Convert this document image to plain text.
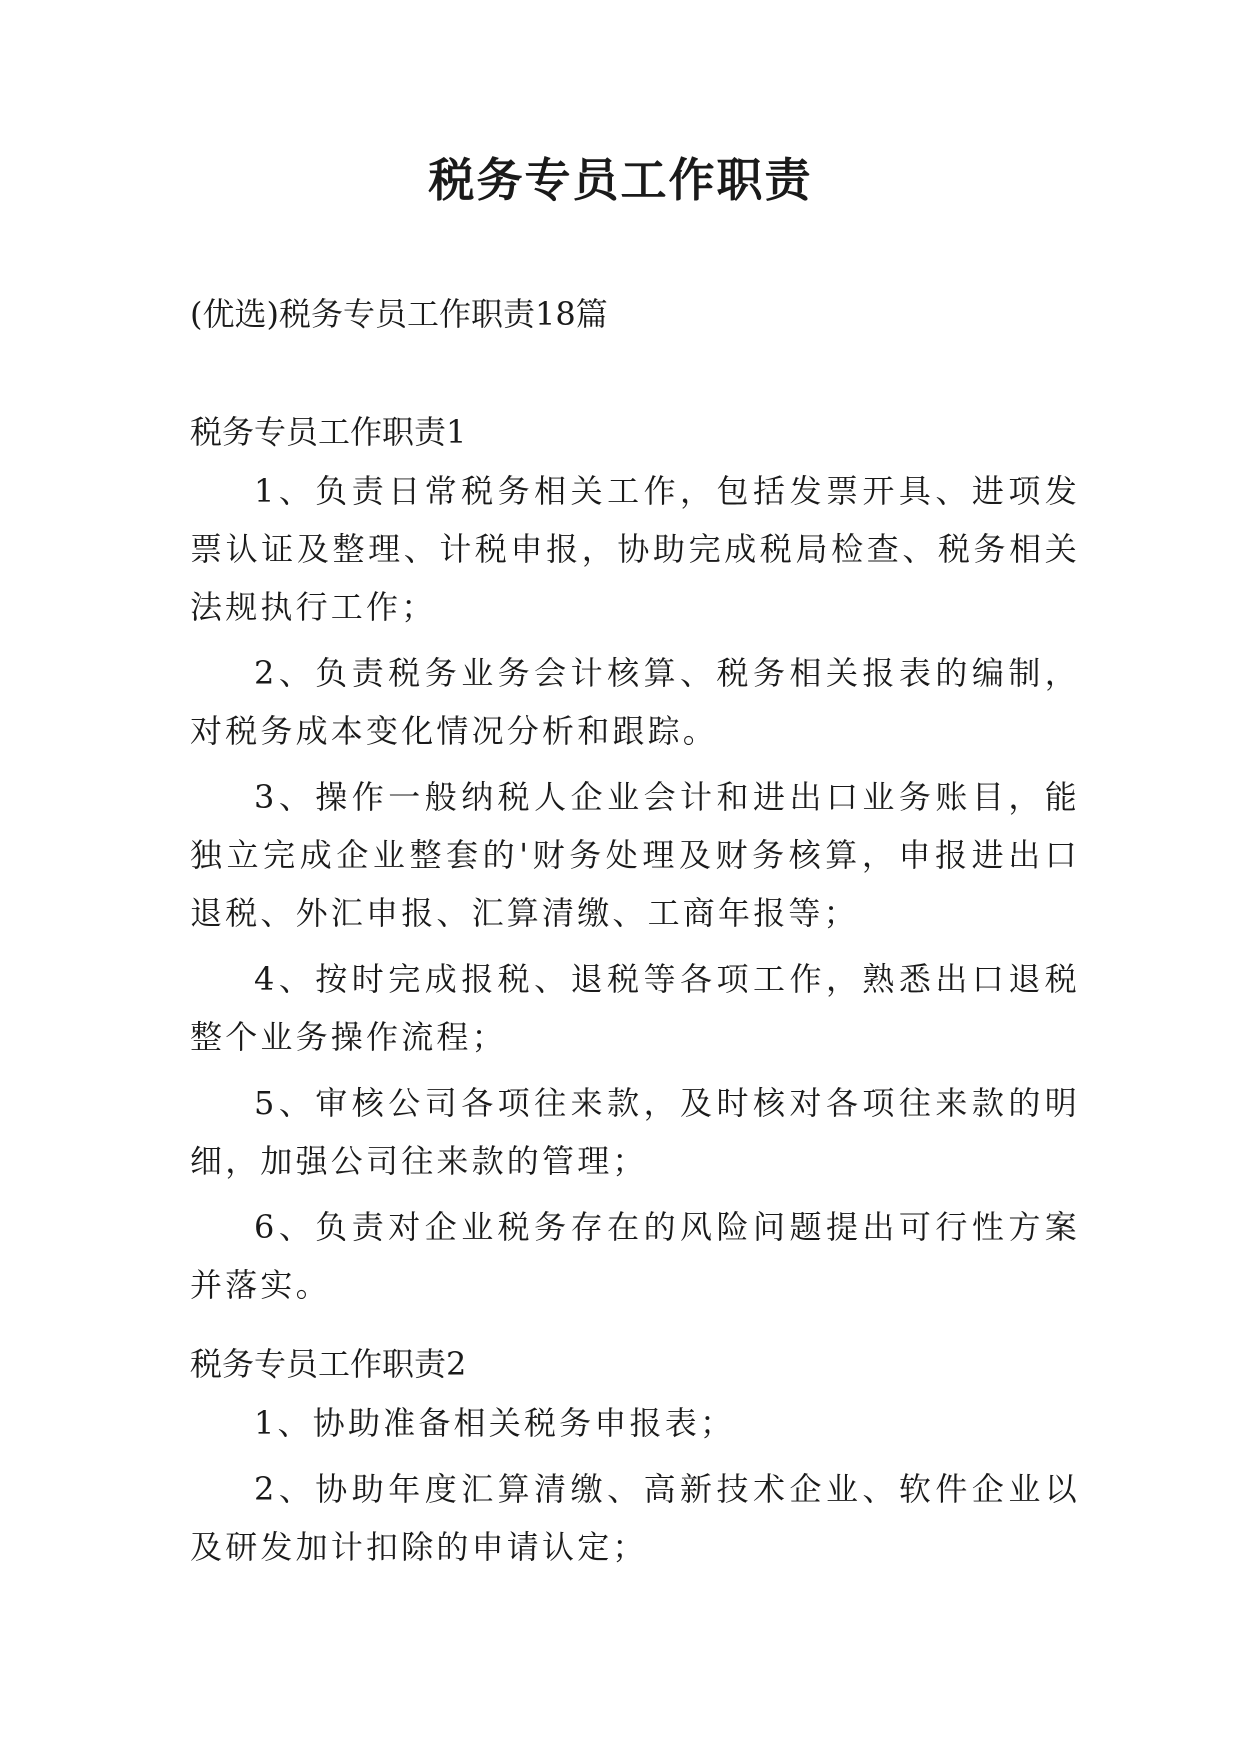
税务专员工作职责
(优选)税务专员工作职责18篇

税务专员工作职责1

1、负责日常税务相关工作，包括发票开具、进项发票认证及整理、计税申报，协助完成税局检查、税务相关法规执行工作；

2、负责税务业务会计核算、税务相关报表的编制，对税务成本变化情况分析和跟踪。

3、操作一般纳税人企业会计和进出口业务账目，能独立完成企业整套的'财务处理及财务核算，申报进出口退税、外汇申报、汇算清缴、工商年报等；

4、按时完成报税、退税等各项工作，熟悉出口退税整个业务操作流程；

5、审核公司各项往来款，及时核对各项往来款的明细，加强公司往来款的管理；

6、负责对企业税务存在的风险问题提出可行性方案并落实。

税务专员工作职责2

1、协助准备相关税务申报表；

2、协助年度汇算清缴、高新技术企业、软件企业以及研发加计扣除的申请认定；
